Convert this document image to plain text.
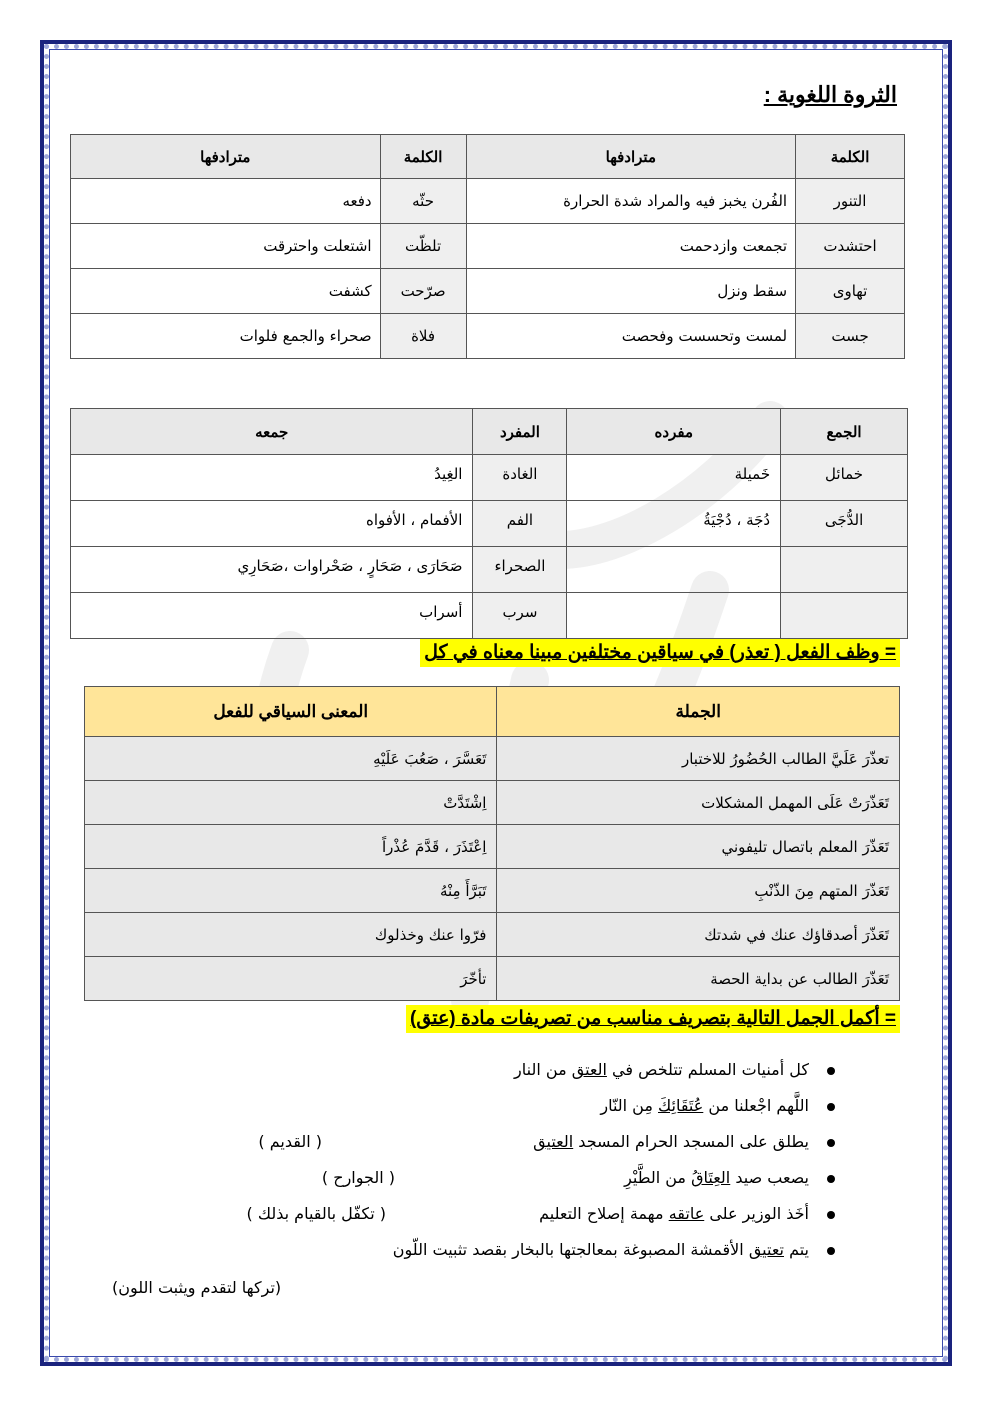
الثروة اللغوية :
الكلمة	مترادفها	الكلمة	مترادفها
التنور	الفُرن يخبز فيه والمراد شدة الحرارة	حثّه	دفعه
احتشدت	تجمعت وازدحمت	تلظّت	اشتعلت واحترقت
تهاوى	سقط ونزل	صرّحت	كشفت
جست	لمست وتحسست وفحصت	فلاة	صحراء والجمع فلوات
الجمع	مفرده	المفرد	جمعه
خمائل	خَميلة	الغادة	الغِيدُ
الدُّجَى	دُجَة ، دُجْيَةُ	الفم	الأفمام ، الأفواه
		الصحراء	صَحَارَى ، صَحَارٍ ، صَحْراوات ،صَحَارِي
		سرب	أسراب
= وظف الفعل ( تعذر) في سياقين مختلفين مبينا معناه في كل
الجملة	المعنى السياقي للفعل
تعذّرَ عَلَيَّ الطالب الحُضُورُ للاختبار	تَعَسَّرَ ، صَعُبَ عَلَيْهِ
تَعَذّرَتْ عَلَى المهمل المشكلات	اِشْتَدَّتْ
تَعَذّرَ المعلم باتصال تليفوني	اِعْتَذَرَ ، قَدَّمَ عُذْراً
تَعَذّرَ المتهم مِنَ الذّنْبِ	تَبَرَّأَ مِنْهُ
تَعَذّرَ أصدقاؤك عنك في شدتك	فرّوا عنك وخذلوك
تَعَذّرَ الطالب عن بداية الحصة	تأخّرَ
= أكمل الجمل التالية بتصريف مناسب من تصريفات مادة (عتق)
كل أمنيات المسلم تتلخص في العتق من النار
اللَّهم اجْعلنا من عُتَقَائِكَ مِن النّار
يطلق على المسجد الحرام المسجد العتيق
( القديم )
يصعب صيد العِتَاقُ من الطَّيْرِ
( الجوارح )
أخَذ الوزير على عاتقه مهمة إصلاح التعليم
( تكفّل بالقيام بذلك )
يتم تعتيق الأقمشة المصبوغة بمعالجتها بالبخار بقصد تثبيت اللّون
(تركها لتقدم ويثبت اللون)
